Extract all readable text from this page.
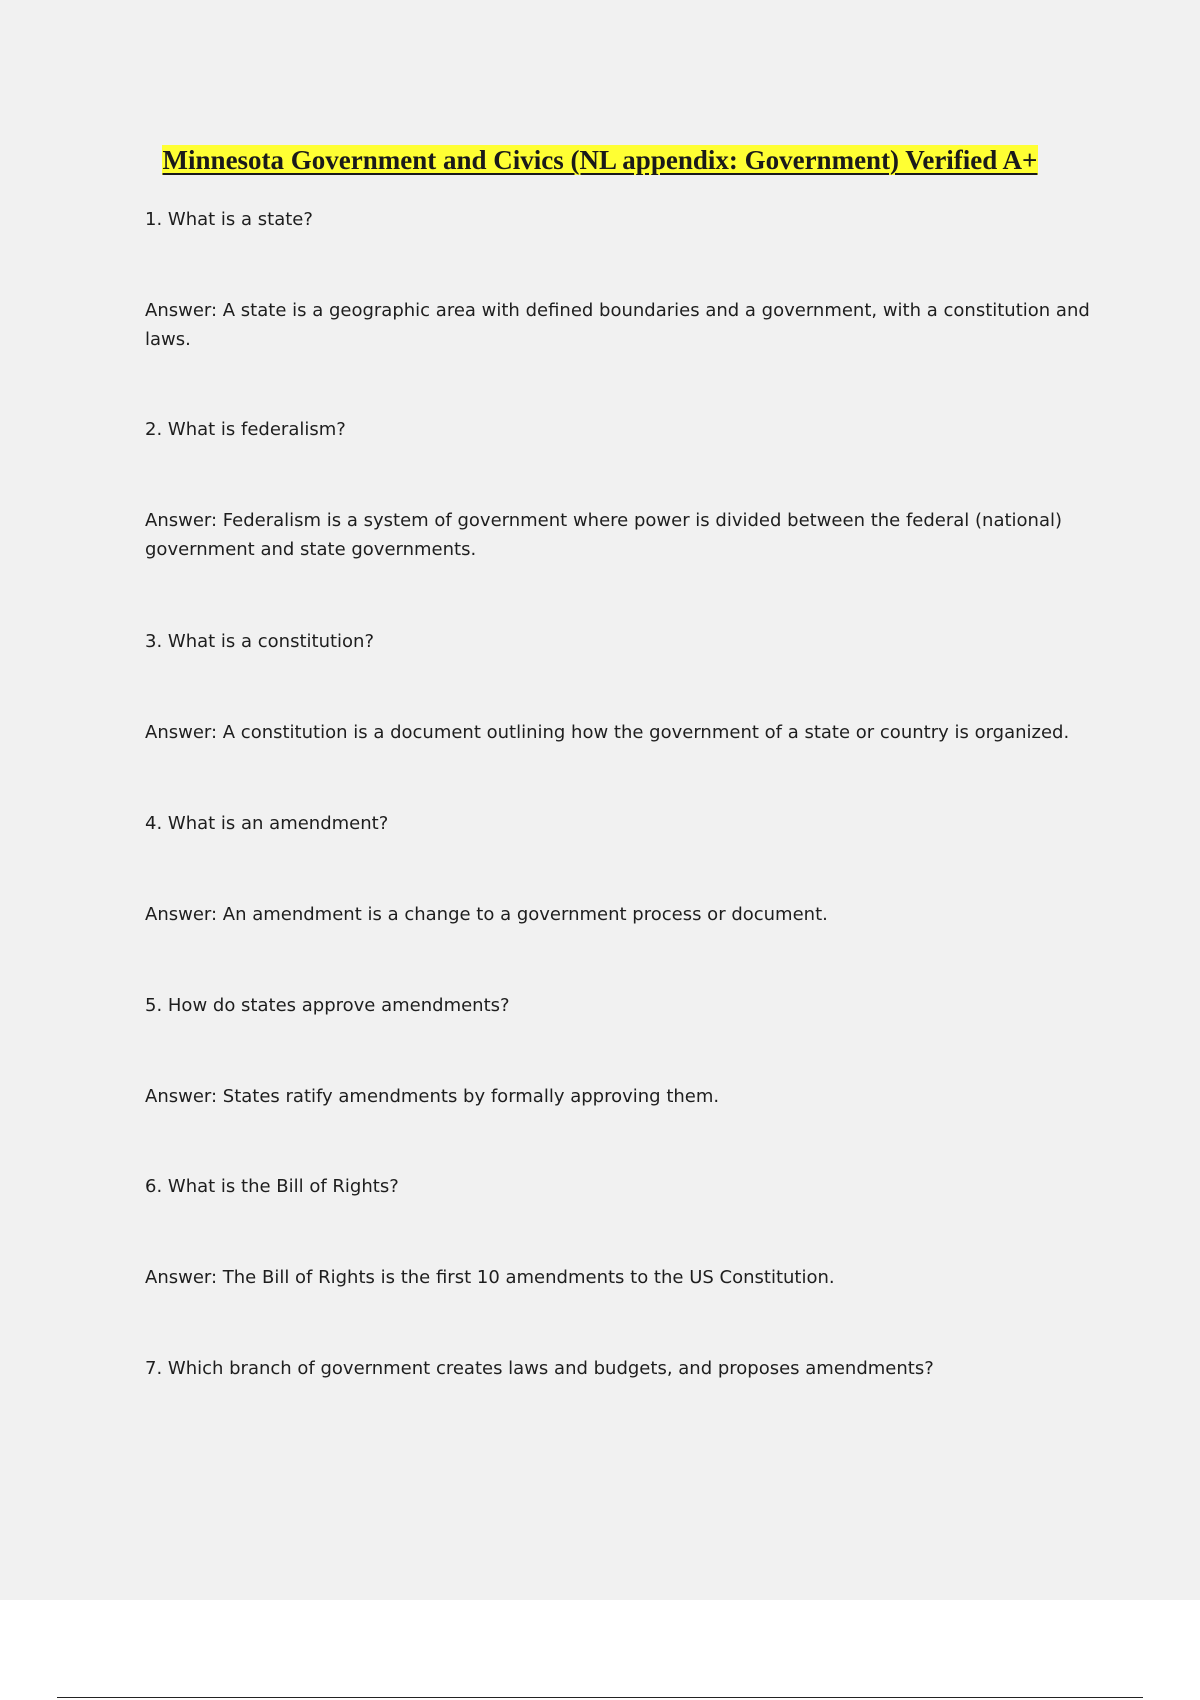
Minnesota Government and Civics (NL appendix: Government) Verified A+

1. What is a state?

Answer: A state is a geographic area with defined boundaries and a government, with a constitution and laws.

2. What is federalism?

Answer: Federalism is a system of government where power is divided between the federal (national) government and state governments.

3. What is a constitution?

Answer: A constitution is a document outlining how the government of a state or country is organized.

4. What is an amendment?

Answer: An amendment is a change to a government process or document.

5. How do states approve amendments?

Answer: States ratify amendments by formally approving them.

6. What is the Bill of Rights?

Answer: The Bill of Rights is the first 10 amendments to the US Constitution.

7. Which branch of government creates laws and budgets, and proposes amendments?
